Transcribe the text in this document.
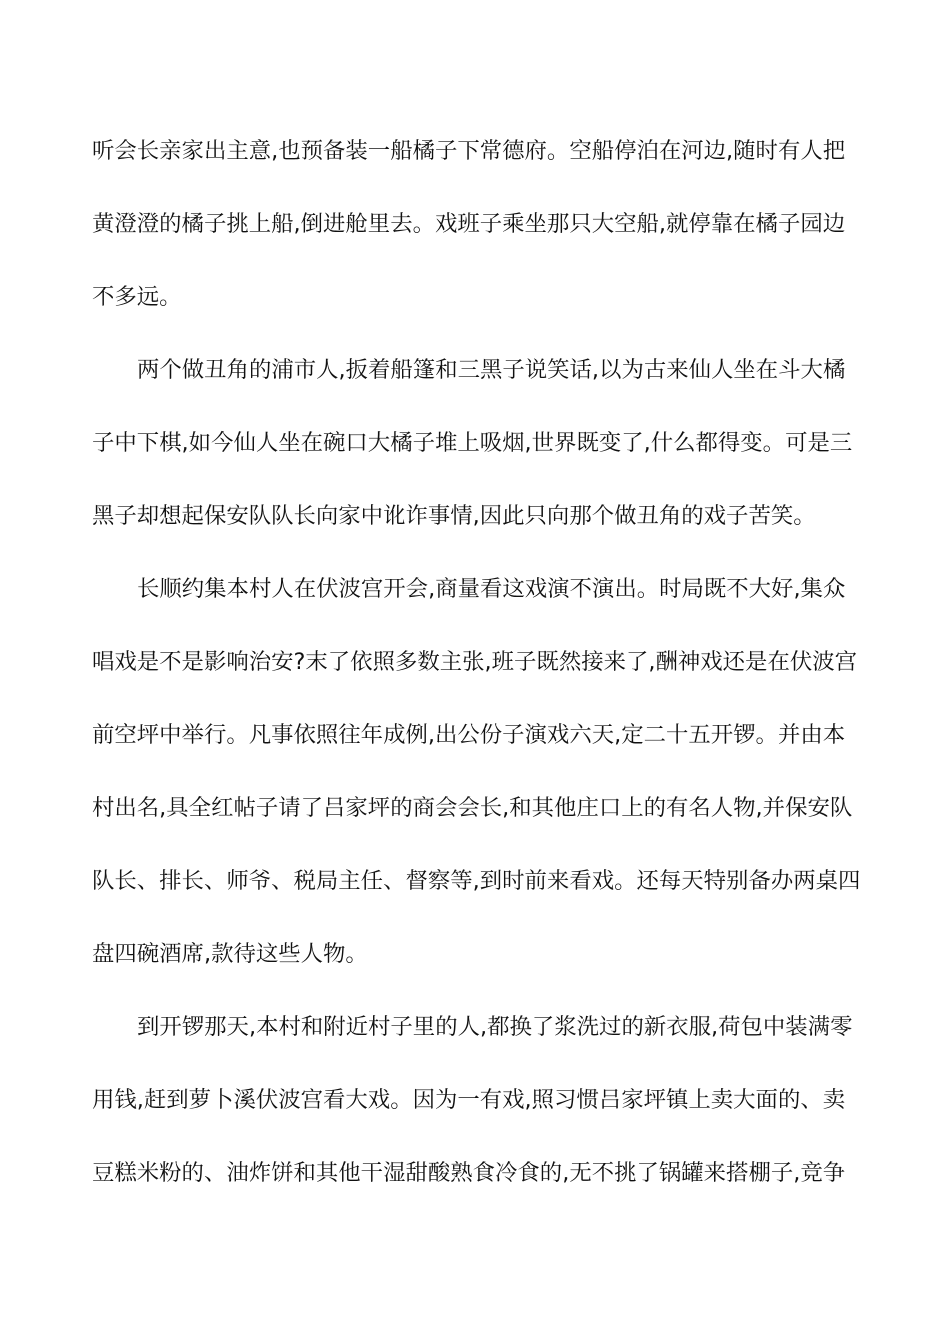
听会长亲家出主意,也预备装一船橘子下常德府。空船停泊在河边,随时有人把
黄澄澄的橘子挑上船,倒进舱里去。戏班子乘坐那只大空船,就停靠在橘子园边
不多远。
两个做丑角的浦市人,扳着船篷和三黑子说笑话,以为古来仙人坐在斗大橘
子中下棋,如今仙人坐在碗口大橘子堆上吸烟,世界既变了,什么都得变。可是三
黑子却想起保安队队长向家中讹诈事情,因此只向那个做丑角的戏子苦笑。
长顺约集本村人在伏波宫开会,商量看这戏演不演出。时局既不大好,集众
唱戏是不是影响治安?末了依照多数主张,班子既然接来了,酬神戏还是在伏波宫
前空坪中举行。凡事依照往年成例,出公份子演戏六天,定二十五开锣。并由本
村出名,具全红帖子请了吕家坪的商会会长,和其他庄口上的有名人物,并保安队
队长、排长、师爷、税局主任、督察等,到时前来看戏。还每天特别备办两桌四
盘四碗酒席,款待这些人物。
到开锣那天,本村和附近村子里的人,都换了浆洗过的新衣服,荷包中装满零
用钱,赶到萝卜溪伏波宫看大戏。因为一有戏,照习惯吕家坪镇上卖大面的、卖
豆糕米粉的、油炸饼和其他干湿甜酸熟食冷食的,无不挑了锅罐来搭棚子,竞争
